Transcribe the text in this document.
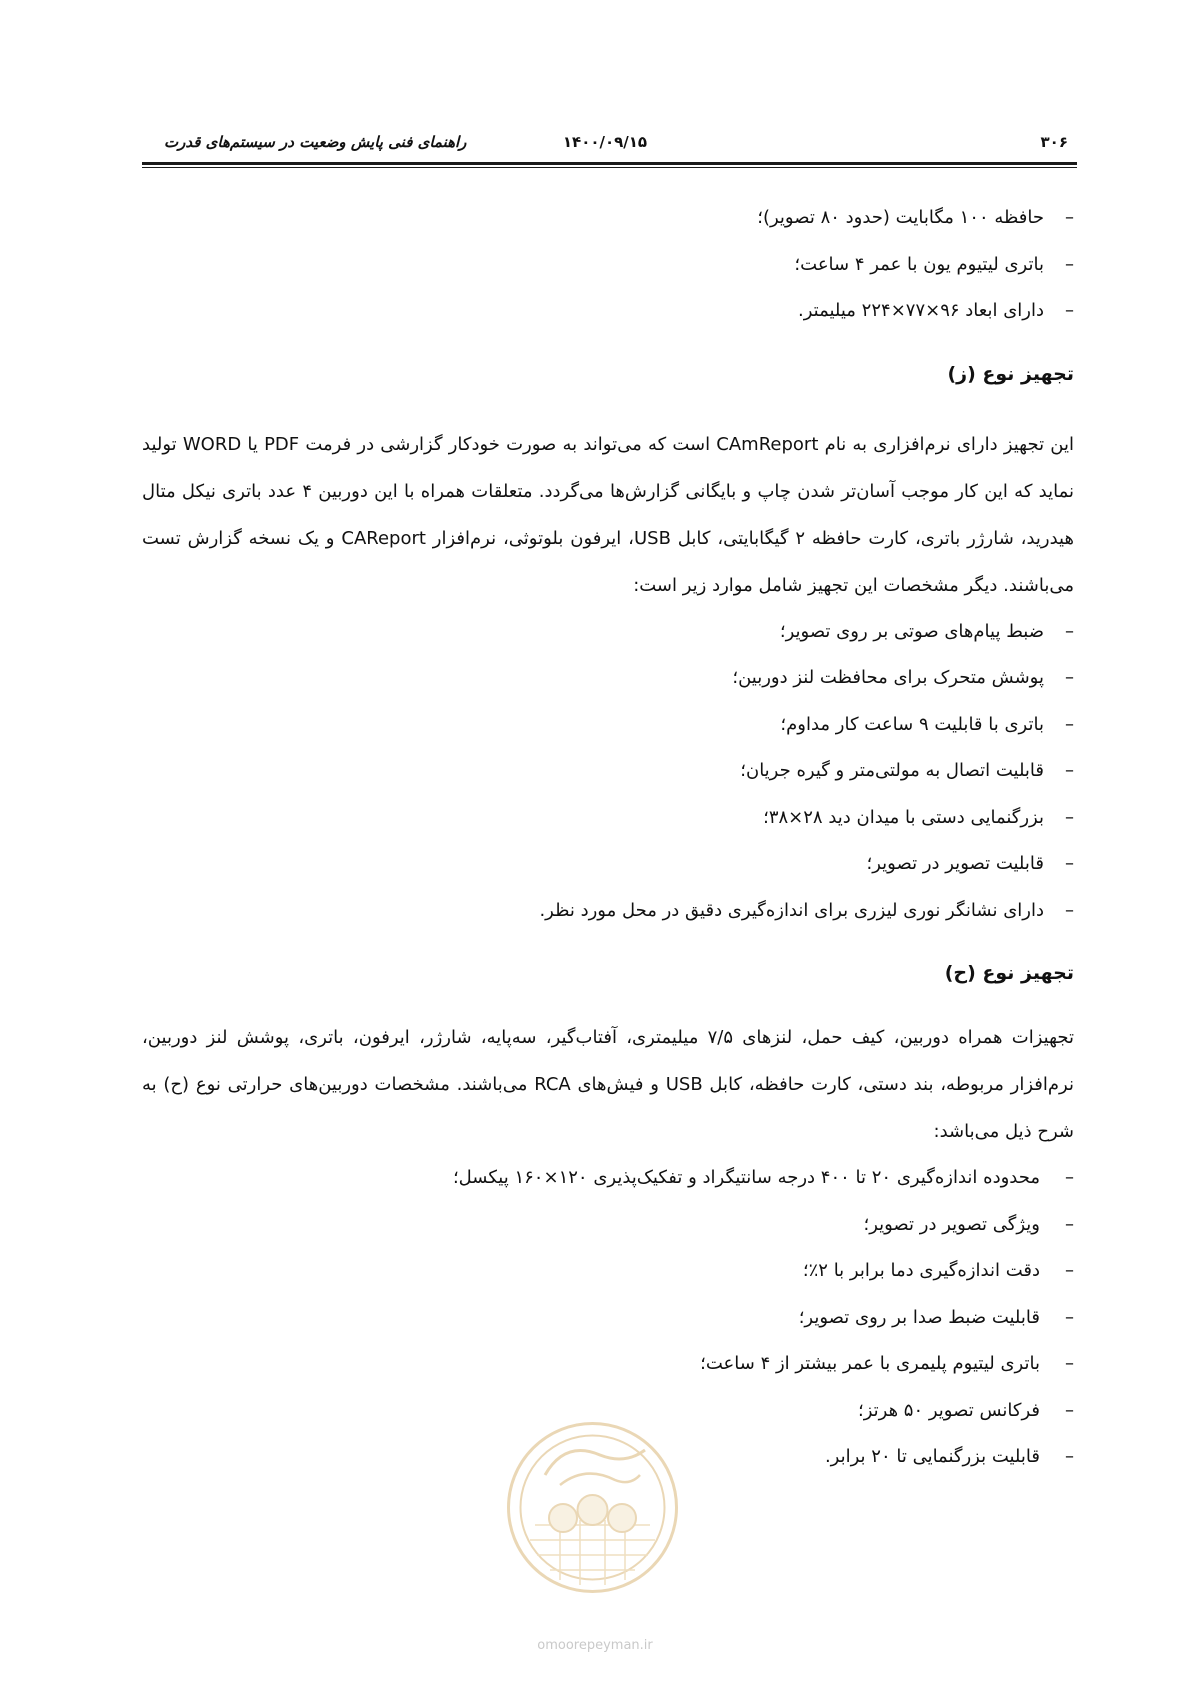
۳۰۶
۱۴۰۰/۰۹/۱۵
راهنمای فنی پایش وضعیت در سیستم‌های قدرت
–
حافظه ۱۰۰ مگابایت (حدود ۸۰ تصویر)؛
–
باتری لیتیوم یون با عمر ۴ ساعت؛
–
دارای ابعاد ۹۶×۷۷×۲۲۴ میلیمتر.
تجهیز نوع (ز)

این تجهیز دارای نرم‌افزاری به نام CAmReport است که می‌تواند به صورت خودکار گزارشی در فرمت PDF یا WORD تولید نماید که این کار موجب آسان‌تر شدن چاپ و بایگانی گزارش‌ها می‌گردد. متعلقات همراه با این دوربین ۴ عدد باتری نیکل متال هیدرید، شارژر باتری، کارت حافظه ۲ گیگابایتی، کابل USB، ایرفون بلوتوثی، نرم‌افزار CAReport و یک نسخه گزارش تست می‌باشند. دیگر مشخصات این تجهیز شامل موارد زیر است:

–
ضبط پیام‌های صوتی بر روی تصویر؛
–
پوشش متحرک برای محافظت لنز دوربین؛
–
باتری با قابلیت ۹ ساعت کار مداوم؛
–
قابلیت اتصال به مولتی‌متر و گیره جریان؛
–
بزرگنمایی دستی با میدان دید ۲۸×۳۸؛
–
قابلیت تصویر در تصویر؛
–
دارای نشانگر نوری لیزری برای اندازه‌گیری دقیق در محل مورد نظر.
تجهیز نوع (ح)

تجهیزات همراه دوربین، کیف حمل، لنزهای ۷/۵ میلیمتری، آفتاب‌گیر، سه‌پایه، شارژر، ایرفون، باتری، پوشش لنز دوربین، نرم‌افزار مربوطه، بند دستی، کارت حافظه، کابل USB و فیش‌های RCA می‌باشند. مشخصات دوربین‌های حرارتی نوع (ح) به شرح ذیل می‌باشد:

–
محدوده اندازه‌گیری ۲۰ تا ۴۰۰ درجه سانتیگراد و تفکیک‌پذیری ۱۲۰×۱۶۰ پیکسل؛
–
ویژگی تصویر در تصویر؛
–
دقت اندازه‌گیری دما برابر با ۲٪؛
–
قابلیت ضبط صدا بر روی تصویر؛
–
باتری لیتیوم پلیمری با عمر بیشتر از ۴ ساعت؛
–
فرکانس تصویر ۵۰ هرتز؛
–
قابلیت بزرگنمایی تا ۲۰ برابر.
omoorepeyman.ir
